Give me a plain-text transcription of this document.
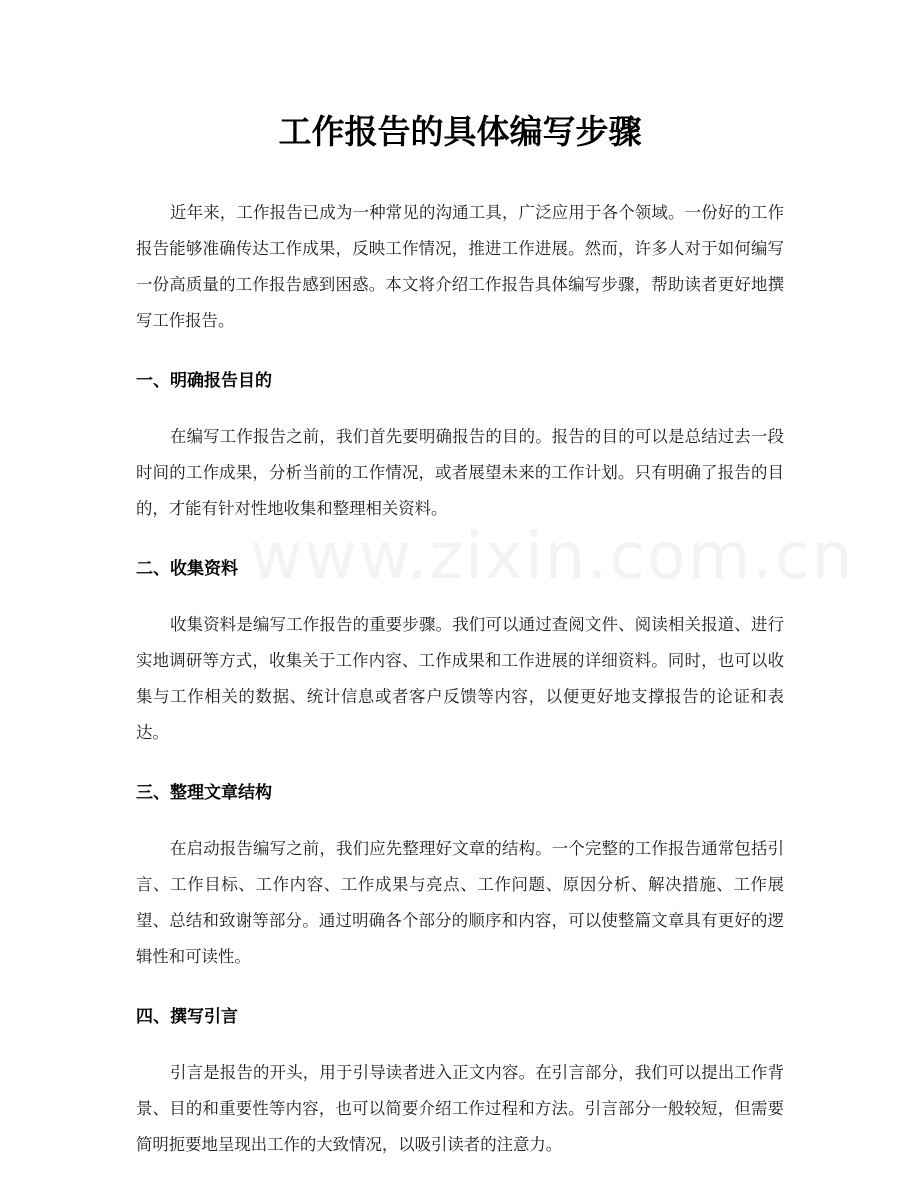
www.zixin.com.cn
工作报告的具体编写步骤

近年来，工作报告已成为一种常见的沟通工具，广泛应用于各个领域。一份好的工作报告能够准确传达工作成果，反映工作情况，推进工作进展。然而，许多人对于如何编写一份高质量的工作报告感到困惑。本文将介绍工作报告具体编写步骤，帮助读者更好地撰写工作报告。

一、明确报告目的

在编写工作报告之前，我们首先要明确报告的目的。报告的目的可以是总结过去一段时间的工作成果，分析当前的工作情况，或者展望未来的工作计划。只有明确了报告的目的，才能有针对性地收集和整理相关资料。

二、收集资料

收集资料是编写工作报告的重要步骤。我们可以通过查阅文件、阅读相关报道、进行实地调研等方式，收集关于工作内容、工作成果和工作进展的详细资料。同时，也可以收集与工作相关的数据、统计信息或者客户反馈等内容，以便更好地支撑报告的论证和表达。

三、整理文章结构

在启动报告编写之前，我们应先整理好文章的结构。一个完整的工作报告通常包括引言、工作目标、工作内容、工作成果与亮点、工作问题、原因分析、解决措施、工作展望、总结和致谢等部分。通过明确各个部分的顺序和内容，可以使整篇文章具有更好的逻辑性和可读性。

四、撰写引言

引言是报告的开头，用于引导读者进入正文内容。在引言部分，我们可以提出工作背景、目的和重要性等内容，也可以简要介绍工作过程和方法。引言部分一般较短，但需要简明扼要地呈现出工作的大致情况，以吸引读者的注意力。
